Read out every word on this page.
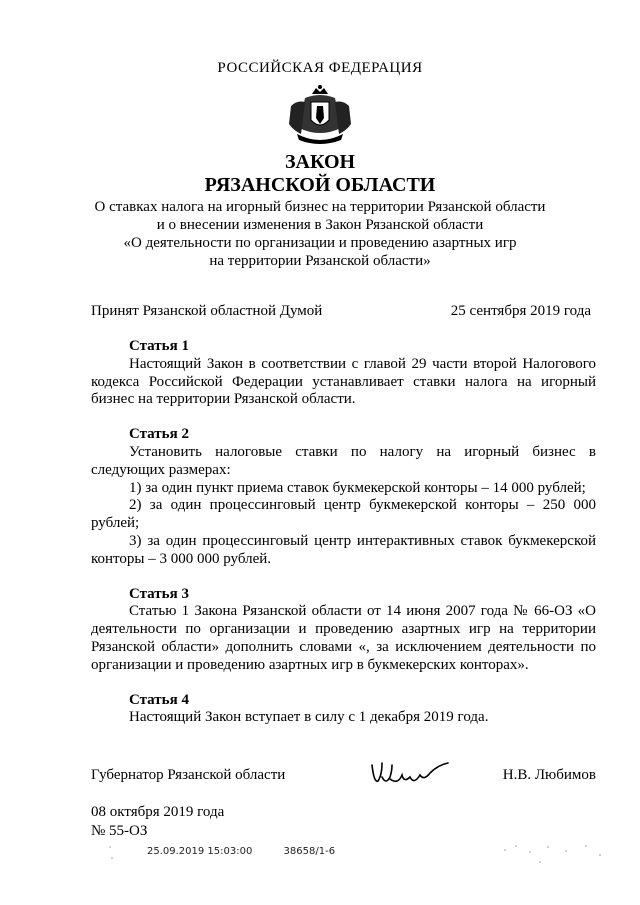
РОССИЙСКАЯ ФЕДЕРАЦИЯ
ЗАКОН
РЯЗАНСКОЙ ОБЛАСТИ
О ставках налога на игорный бизнес на территории Рязанской области
и о внесении изменения в Закон Рязанской области
«О деятельности по организации и проведению азартных игр
на территории Рязанской области»
Принят Рязанской областной Думой	25 сентября 2019 года
Статья 1

Настоящий Закон в соответствии с главой 29 части второй Налогового кодекса Российской Федерации устанавливает ставки налога на игорный бизнес на территории Рязанской области.

Статья 2

Установить налоговые ставки по налогу на игорный бизнес в следующих размерах:

1) за один пункт приема ставок букмекерской конторы – 14 000 рублей;

2) за один процессинговый центр букмекерской конторы – 250 000 рублей;

3) за один процессинговый центр интерактивных ставок букмекерской конторы – 3 000 000 рублей.

Статья 3

Статью 1 Закона Рязанской области от 14 июня 2007 года № 66-ОЗ «О деятельности по организации и проведению азартных игр на территории Рязанской области» дополнить словами «, за исключением деятельности по организации и проведению азартных игр в букмекерских конторах».

Статья 4

Настоящий Закон вступает в силу с 1 декабря 2019 года.

Губернатор Рязанской области	Н.В. Любимов
08 октября 2019 года
№ 55-ОЗ
25.09.2019 15:03:00	38658/1-6
